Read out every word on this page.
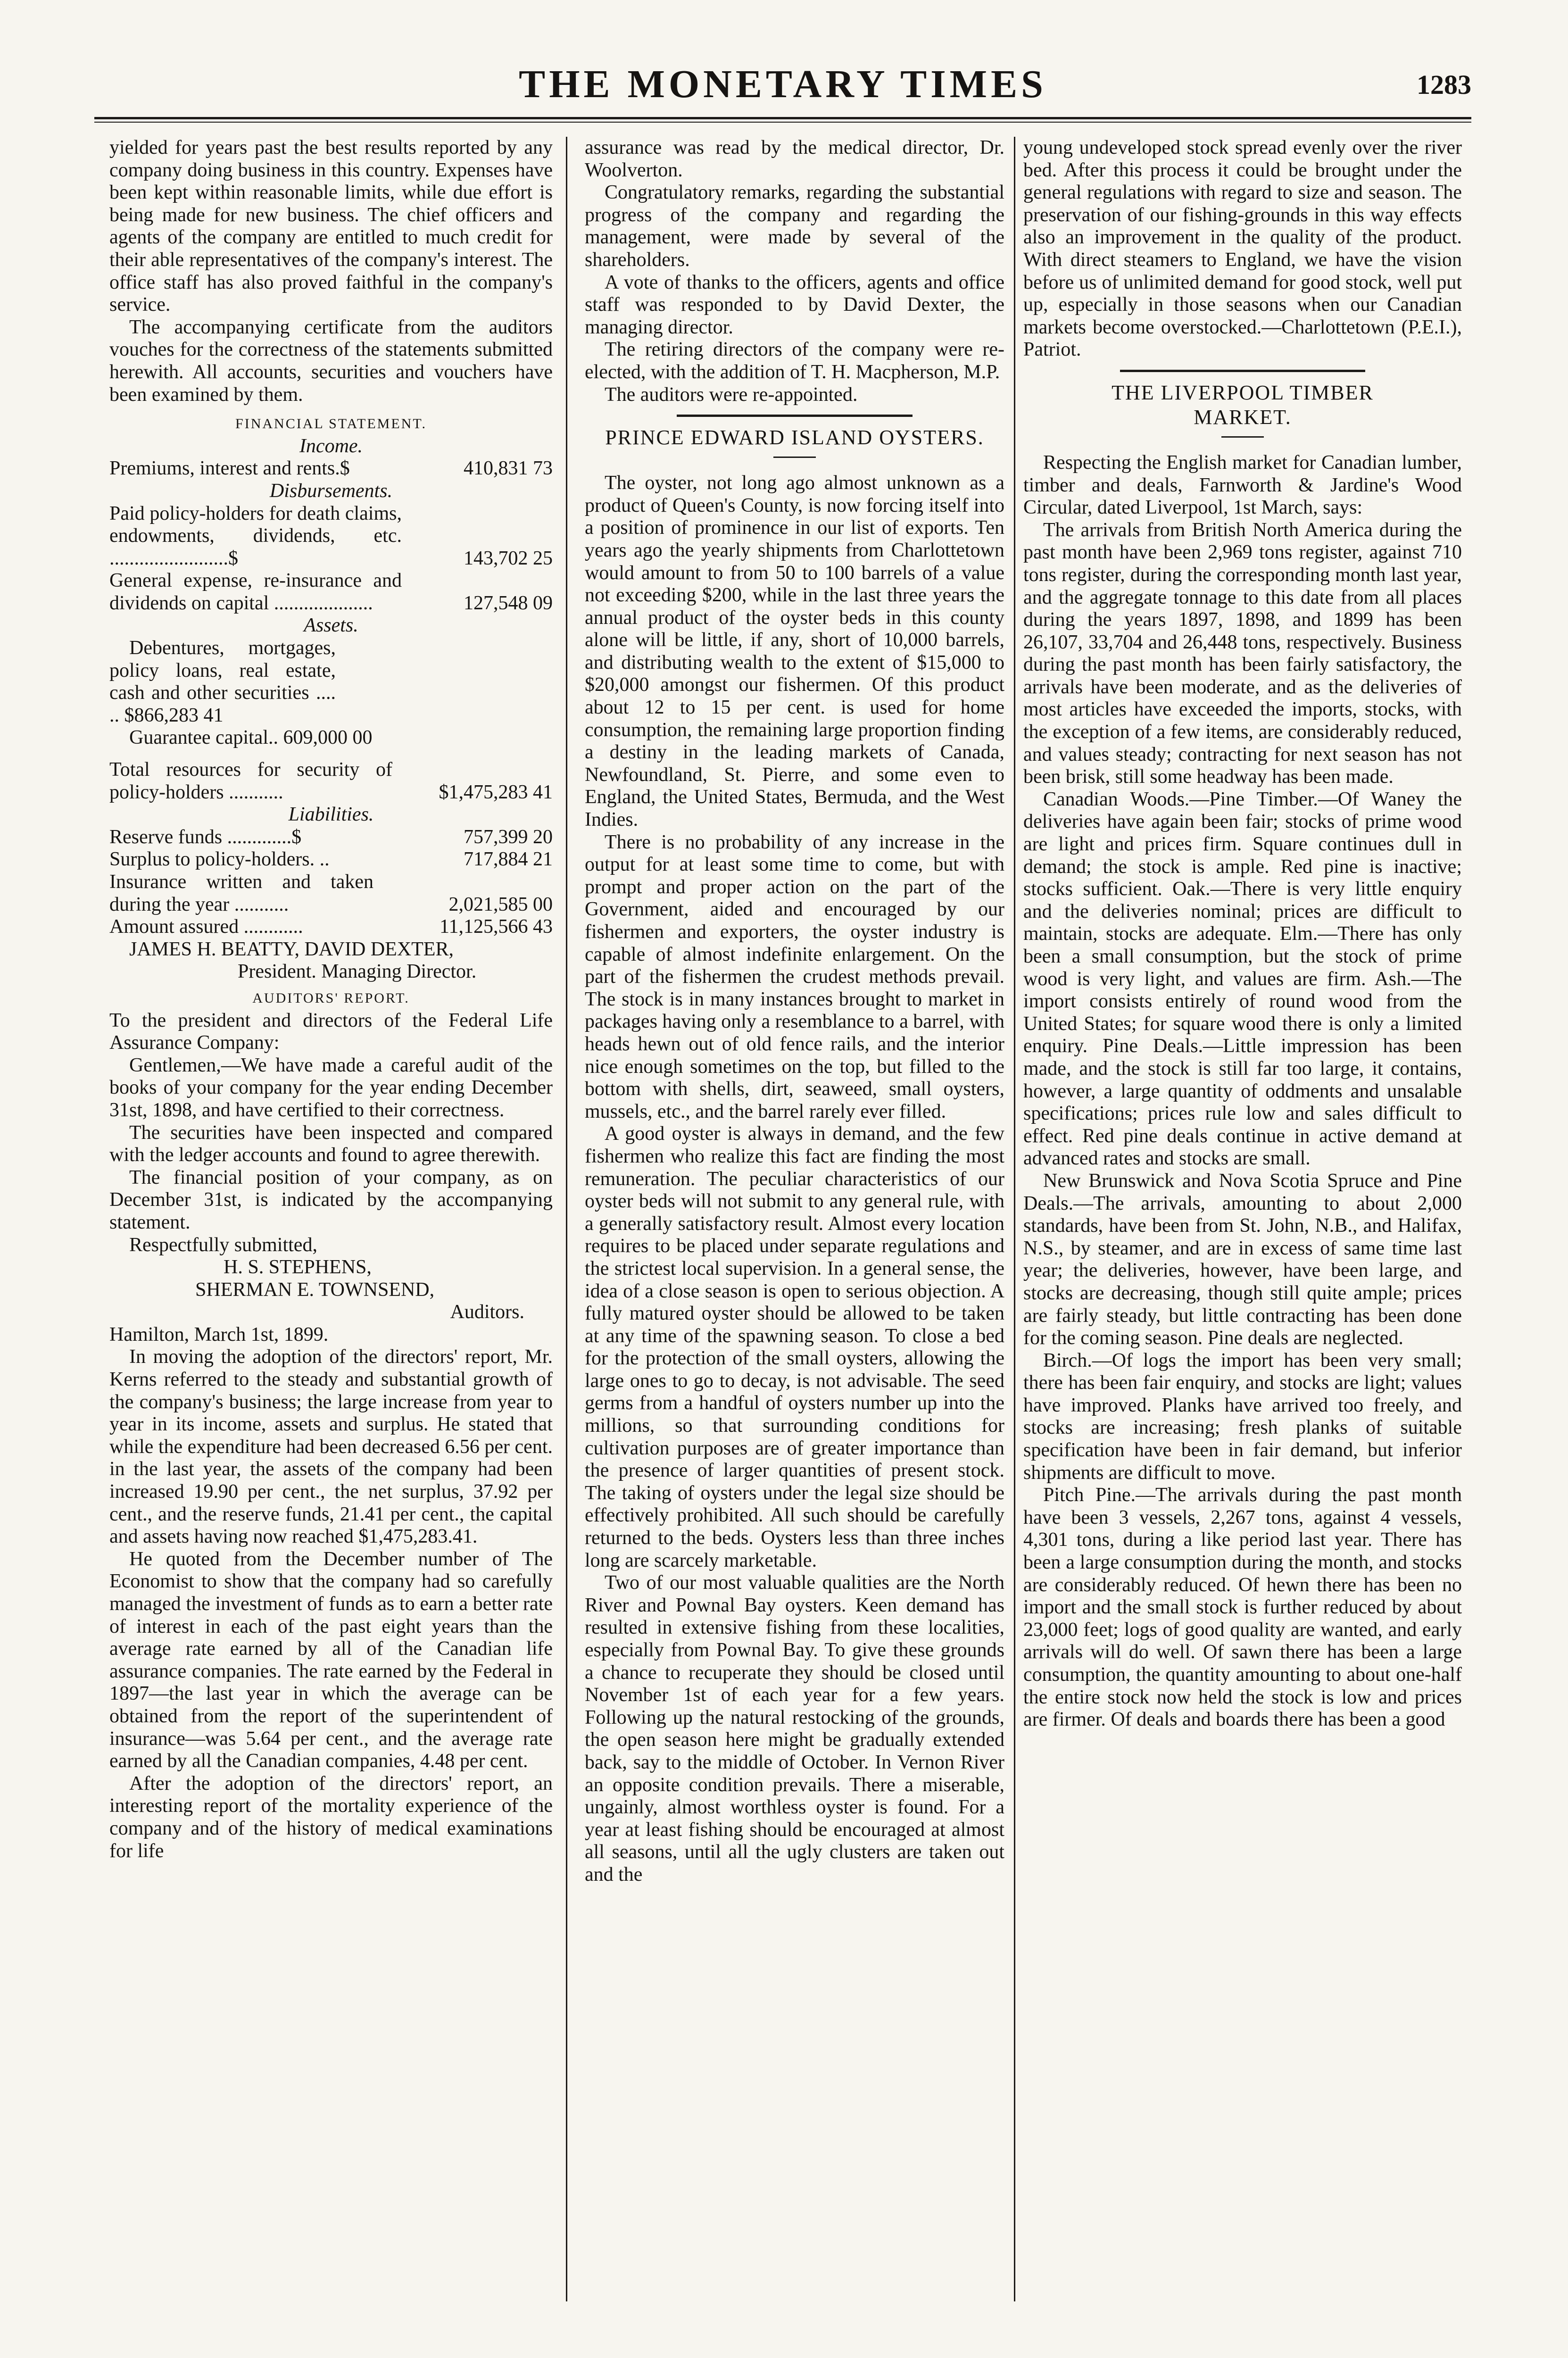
THE MONETARY TIMES	1283

yielded for years past the best results reported by any company doing business in this country. Expenses have been kept within reasonable limits, while due effort is being made for new business. The chief officers and agents of the company are entitled to much credit for their able representatives of the company's interest. The office staff has also proved faithful in the company's service.

The accompanying certificate from the auditors vouches for the correctness of the statements submitted herewith. All accounts, securities and vouchers have been examined by them.

FINANCIAL STATEMENT.

Income.

Premiums, interest and rents.$	410,831 73

Disbursements.

Paid policy-holders for death claims, endowments, dividends, etc. ........................$	143,702 25
General expense, re-insurance and dividends on capital ....................	127,548 09

Assets.

Debentures, mortgages, policy loans, real estate, cash and other securities .... .. $866,283 41

Guarantee capital.. 609,000 00

Total resources for security of policy-holders ...........	$1,475,283 41

Liabilities.

Reserve funds .............$	757,399 20
Surplus to policy-holders. ..	717,884 21
Insurance written and taken during the year ...........	2,021,585 00
Amount assured ............	11,125,566 43

JAMES H. BEATTY, DAVID DEXTER,

President. Managing Director.

AUDITORS' REPORT.

To the president and directors of the Federal Life Assurance Company:

Gentlemen,—We have made a careful audit of the books of your company for the year ending December 31st, 1898, and have certified to their correctness.

The securities have been inspected and compared with the ledger accounts and found to agree therewith.

The financial position of your company, as on December 31st, is indicated by the accompanying statement.

Respectfully submitted,

H. S. STEPHENS,

SHERMAN E. TOWNSEND,

Auditors.

Hamilton, March 1st, 1899.

In moving the adoption of the directors' report, Mr. Kerns referred to the steady and substantial growth of the company's business; the large increase from year to year in its income, assets and surplus. He stated that while the expenditure had been decreased 6.56 per cent. in the last year, the assets of the company had been increased 19.90 per cent., the net surplus, 37.92 per cent., and the reserve funds, 21.41 per cent., the capital and assets having now reached $1,475,283.41.

He quoted from the December number of The Economist to show that the company had so carefully managed the investment of funds as to earn a better rate of interest in each of the past eight years than the average rate earned by all of the Canadian life assurance companies. The rate earned by the Federal in 1897—the last year in which the average can be obtained from the report of the superintendent of insurance—was 5.64 per cent., and the average rate earned by all the Canadian companies, 4.48 per cent.

After the adoption of the directors' report, an interesting report of the mortality experience of the company and of the history of medical examinations for life

assurance was read by the medical director, Dr. Woolverton.

Congratulatory remarks, regarding the substantial progress of the company and regarding the management, were made by several of the shareholders.

A vote of thanks to the officers, agents and office staff was responded to by David Dexter, the managing director.

The retiring directors of the company were re-elected, with the addition of T. H. Macpherson, M.P.

The auditors were re-appointed.

PRINCE EDWARD ISLAND OYSTERS.

The oyster, not long ago almost unknown as a product of Queen's County, is now forcing itself into a position of prominence in our list of exports. Ten years ago the yearly shipments from Charlottetown would amount to from 50 to 100 barrels of a value not exceeding $200, while in the last three years the annual product of the oyster beds in this county alone will be little, if any, short of 10,000 barrels, and distributing wealth to the extent of $15,000 to $20,000 amongst our fishermen. Of this product about 12 to 15 per cent. is used for home consumption, the remaining large proportion finding a destiny in the leading markets of Canada, Newfoundland, St. Pierre, and some even to England, the United States, Bermuda, and the West Indies.

There is no probability of any increase in the output for at least some time to come, but with prompt and proper action on the part of the Government, aided and encouraged by our fishermen and exporters, the oyster industry is capable of almost indefinite enlargement. On the part of the fishermen the crudest methods prevail. The stock is in many instances brought to market in packages having only a resemblance to a barrel, with heads hewn out of old fence rails, and the interior nice enough sometimes on the top, but filled to the bottom with shells, dirt, seaweed, small oysters, mussels, etc., and the barrel rarely ever filled.

A good oyster is always in demand, and the few fishermen who realize this fact are finding the most remuneration. The peculiar characteristics of our oyster beds will not submit to any general rule, with a generally satisfactory result. Almost every location requires to be placed under separate regulations and the strictest local supervision. In a general sense, the idea of a close season is open to serious objection. A fully matured oyster should be allowed to be taken at any time of the spawning season. To close a bed for the protection of the small oysters, allowing the large ones to go to decay, is not advisable. The seed germs from a handful of oysters number up into the millions, so that surrounding conditions for cultivation purposes are of greater importance than the presence of larger quantities of present stock. The taking of oysters under the legal size should be effectively prohibited. All such should be carefully returned to the beds. Oysters less than three inches long are scarcely marketable.

Two of our most valuable qualities are the North River and Pownal Bay oysters. Keen demand has resulted in extensive fishing from these localities, especially from Pownal Bay. To give these grounds a chance to recuperate they should be closed until November 1st of each year for a few years. Following up the natural restocking of the grounds, the open season here might be gradually extended back, say to the middle of October. In Vernon River an opposite condition prevails. There a miserable, ungainly, almost worthless oyster is found. For a year at least fishing should be encouraged at almost all seasons, until all the ugly clusters are taken out and the

young undeveloped stock spread evenly over the river bed. After this process it could be brought under the general regulations with regard to size and season. The preservation of our fishing-grounds in this way effects also an improvement in the quality of the product. With direct steamers to England, we have the vision before us of unlimited demand for good stock, well put up, especially in those seasons when our Canadian markets become overstocked.—Charlottetown (P.E.I.), Patriot.

THE LIVERPOOL TIMBER MARKET.

Respecting the English market for Canadian lumber, timber and deals, Farnworth & Jardine's Wood Circular, dated Liverpool, 1st March, says:

The arrivals from British North America during the past month have been 2,969 tons register, against 710 tons register, during the corresponding month last year, and the aggregate tonnage to this date from all places during the years 1897, 1898, and 1899 has been 26,107, 33,704 and 26,448 tons, respectively. Business during the past month has been fairly satisfactory, the arrivals have been moderate, and as the deliveries of most articles have exceeded the imports, stocks, with the exception of a few items, are considerably reduced, and values steady; contracting for next season has not been brisk, still some headway has been made.

Canadian Woods.—Pine Timber.—Of Waney the deliveries have again been fair; stocks of prime wood are light and prices firm. Square continues dull in demand; the stock is ample. Red pine is inactive; stocks sufficient. Oak.—There is very little enquiry and the deliveries nominal; prices are difficult to maintain, stocks are adequate. Elm.—There has only been a small consumption, but the stock of prime wood is very light, and values are firm. Ash.—The import consists entirely of round wood from the United States; for square wood there is only a limited enquiry. Pine Deals.—Little impression has been made, and the stock is still far too large, it contains, however, a large quantity of oddments and unsalable specifications; prices rule low and sales difficult to effect. Red pine deals continue in active demand at advanced rates and stocks are small.

New Brunswick and Nova Scotia Spruce and Pine Deals.—The arrivals, amounting to about 2,000 standards, have been from St. John, N.B., and Halifax, N.S., by steamer, and are in excess of same time last year; the deliveries, however, have been large, and stocks are decreasing, though still quite ample; prices are fairly steady, but little contracting has been done for the coming season. Pine deals are neglected.

Birch.—Of logs the import has been very small; there has been fair enquiry, and stocks are light; values have improved. Planks have arrived too freely, and stocks are increasing; fresh planks of suitable specification have been in fair demand, but inferior shipments are difficult to move.

Pitch Pine.—The arrivals during the past month have been 3 vessels, 2,267 tons, against 4 vessels, 4,301 tons, during a like period last year. There has been a large consumption during the month, and stocks are considerably reduced. Of hewn there has been no import and the small stock is further reduced by about 23,000 feet; logs of good quality are wanted, and early arrivals will do well. Of sawn there has been a large consumption, the quantity amounting to about one-half the entire stock now held the stock is low and prices are firmer. Of deals and boards there has been a good
